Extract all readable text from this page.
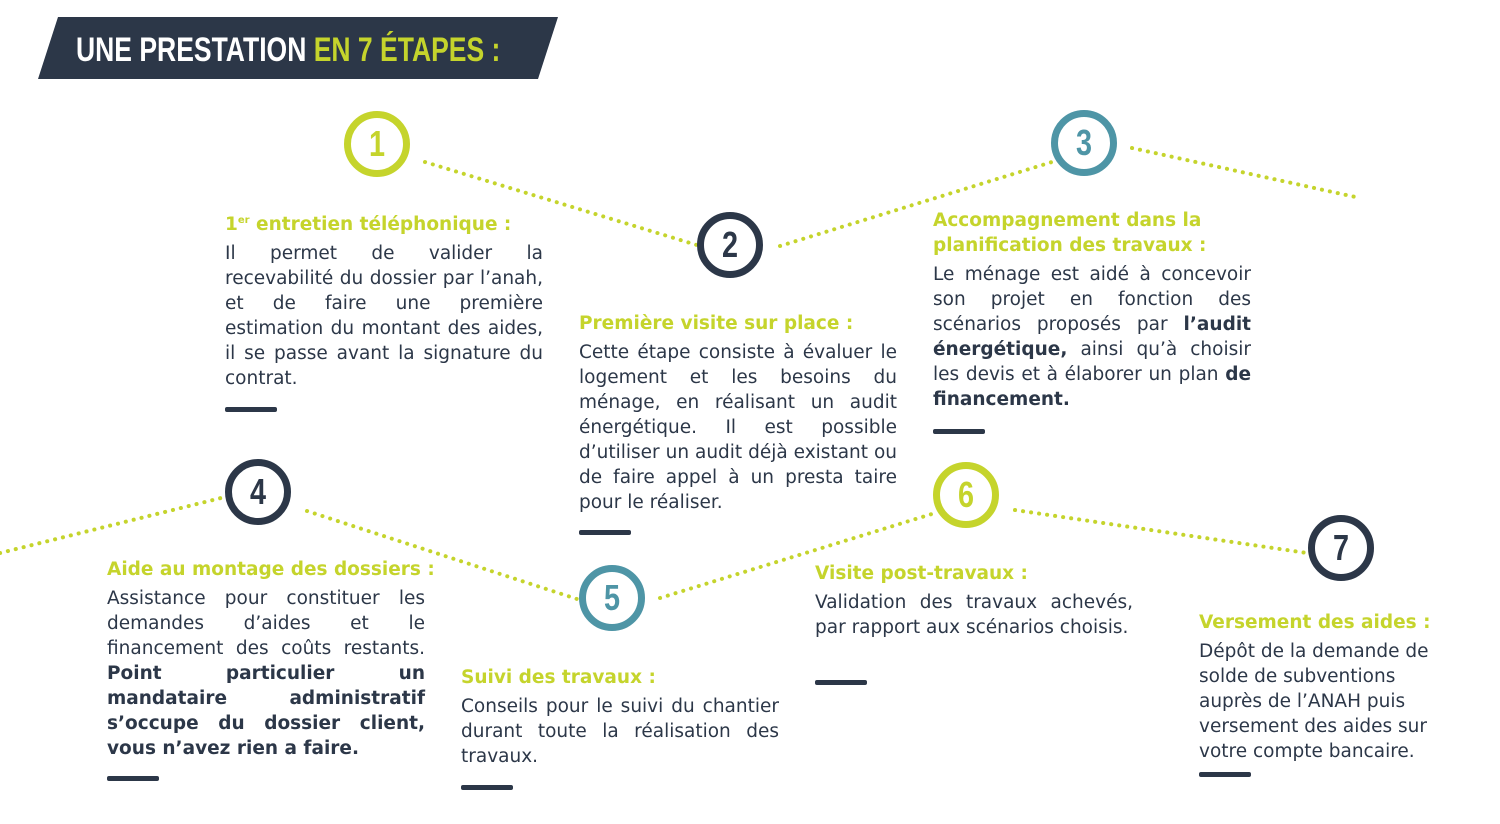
UNE PRESTATION EN 7 ÉTAPES :
1
1er entretien téléphonique :

Il permet de valider la recevabilité du dossier par l’anah, et de faire une première estimation du montant des aides, il se passe avant la signature du contrat.

2
Première visite sur place :

Cette étape consiste à évaluer le logement et les besoins du ménage, en réalisant un audit énergétique. Il est possible d’utiliser un audit déjà existant ou de faire appel à un presta taire pour le réaliser.

3
Accompagnement dans la
planification des travaux :

Le ménage est aidé à concevoir son projet en fonction des scénarios proposés par l’audit énergétique, ainsi qu’à choisir les devis et à élaborer un plan de financement.

4
Aide au montage des dossiers :

Assistance pour constituer les demandes d’aides et le financement des coûts restants. Point particulier un mandataire administratif s’occupe du dossier client, vous n’avez rien a faire.

5
Suivi des travaux :

Conseils pour le suivi du chantier durant toute la réalisation des travaux.

6
Visite post-travaux :

Validation des travaux achevés, par rapport aux scénarios choisis.

7
Versement des aides :

Dépôt de la demande de solde de subventions auprès de l’ANAH puis versement des aides sur votre compte bancaire.
